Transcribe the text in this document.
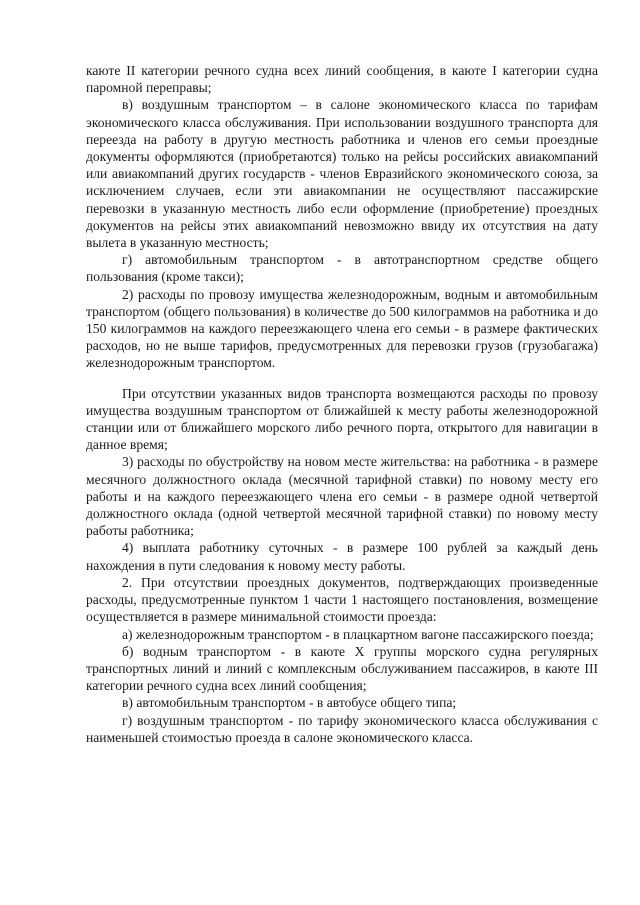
каюте II категории речного судна всех линий сообщения, в каюте I категории судна паромной переправы;

в) воздушным транспортом – в салоне экономического класса по тарифам экономического класса обслуживания. При использовании воздушного транспорта для переезда на работу в другую местность работника и членов его семьи проездные документы оформляются (приобретаются) только на рейсы российских авиакомпаний или авиакомпаний других государств - членов Евразийского экономического союза, за исключением случаев, если эти авиакомпании не осуществляют пассажирские перевозки в указанную местность либо если оформление (приобретение) проездных документов на рейсы этих авиакомпаний невозможно ввиду их отсутствия на дату вылета в указанную местность;

г) автомобильным транспортом - в автотранспортном средстве общего пользования (кроме такси);

2) расходы по провозу имущества железнодорожным, водным и автомобильным транспортом (общего пользования) в количестве до 500 килограммов на работника и до 150 килограммов на каждого переезжающего члена его семьи - в размере фактических расходов, но не выше тарифов, предусмотренных для перевозки грузов (грузобагажа) железнодорожным транспортом.

При отсутствии указанных видов транспорта возмещаются расходы по провозу имущества воздушным транспортом от ближайшей к месту работы железнодорожной станции или от ближайшего морского либо речного порта, открытого для навигации в данное время;

3) расходы по обустройству на новом месте жительства: на работника - в размере месячного должностного оклада (месячной тарифной ставки) по новому месту его работы и на каждого переезжающего члена его семьи - в размере одной четвертой должностного оклада (одной четвертой месячной тарифной ставки) по новому месту работы работника;

4) выплата работнику суточных - в размере 100 рублей за каждый день нахождения в пути следования к новому месту работы.

2. При отсутствии проездных документов, подтверждающих произведенные расходы, предусмотренные пунктом 1 части 1 настоящего постановления, возмещение осуществляется в размере минимальной стоимости проезда:

а) железнодорожным транспортом - в плацкартном вагоне пассажирского поезда;

б) водным транспортом - в каюте X группы морского судна регулярных транспортных линий и линий с комплексным обслуживанием пассажиров, в каюте III категории речного судна всех линий сообщения;

в) автомобильным транспортом - в автобусе общего типа;

г) воздушным транспортом - по тарифу экономического класса обслуживания с наименьшей стоимостью проезда в салоне экономического класса.
